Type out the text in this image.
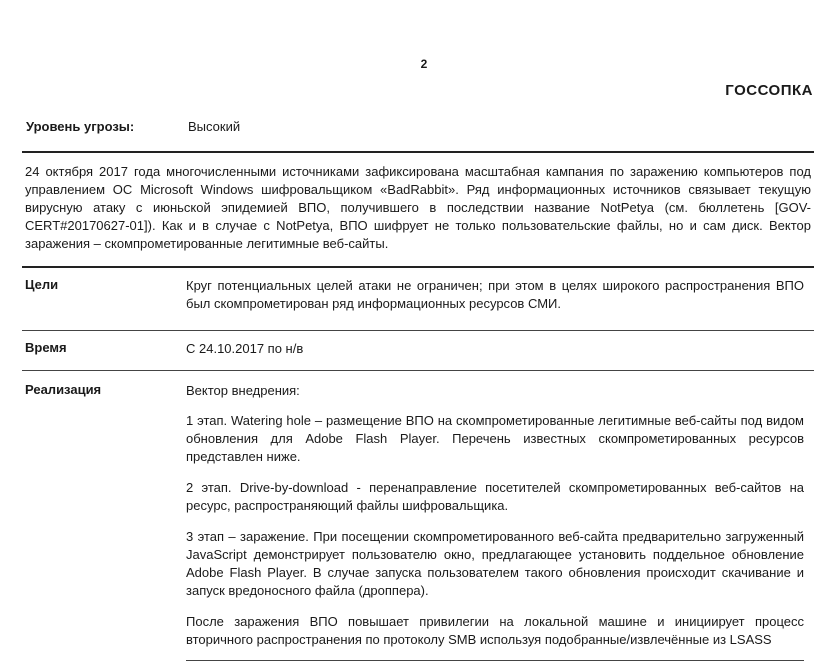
2
ГОССОПКА
Уровень угрозы:	Высокий

24 октября 2017 года многочисленными источниками зафиксирована масштабная кампания по заражению компьютеров под управлением ОС Microsoft Windows шифровальщиком «BadRabbit». Ряд информационных источников связывает текущую вирусную атаку с июньской эпидемией ВПО, получившего в последствии название NotPetya (см. бюллетень [GOV-CERT#20170627-01]). Как и в случае с NotPetya, ВПО шифрует не только пользовательские файлы, но и сам диск. Вектор заражения – скомпрометированные легитимные веб-сайты.

Цели	Круг потенциальных целей атаки не ограничен; при этом в целях широкого распространения ВПО был скомпрометирован ряд информационных ресурсов СМИ.

Время	С 24.10.2017 по н/в

Реализация	Вектор внедрения:

1 этап. Watering hole – размещение ВПО на скомпрометированные легитимные веб-сайты под видом обновления для Adobe Flash Player. Перечень известных скомпрометированных ресурсов представлен ниже.

2 этап. Drive-by-download - перенаправление посетителей скомпрометированных веб-сайтов на ресурс, распространяющий файлы шифровальщика.

3 этап – заражение. При посещении скомпрометированного веб-сайта предварительно загруженный JavaScript демонстрирует пользователю окно, предлагающее установить поддельное обновление Adobe Flash Player. В случае запуска пользователем такого обновления происходит скачивание и запуск вредоносного файла (дроппера).

После заражения ВПО повышает привилегии на локальной машине и инициирует процесс вторичного распространения по протоколу SMB используя подобранные/извлечённые из LSASS
